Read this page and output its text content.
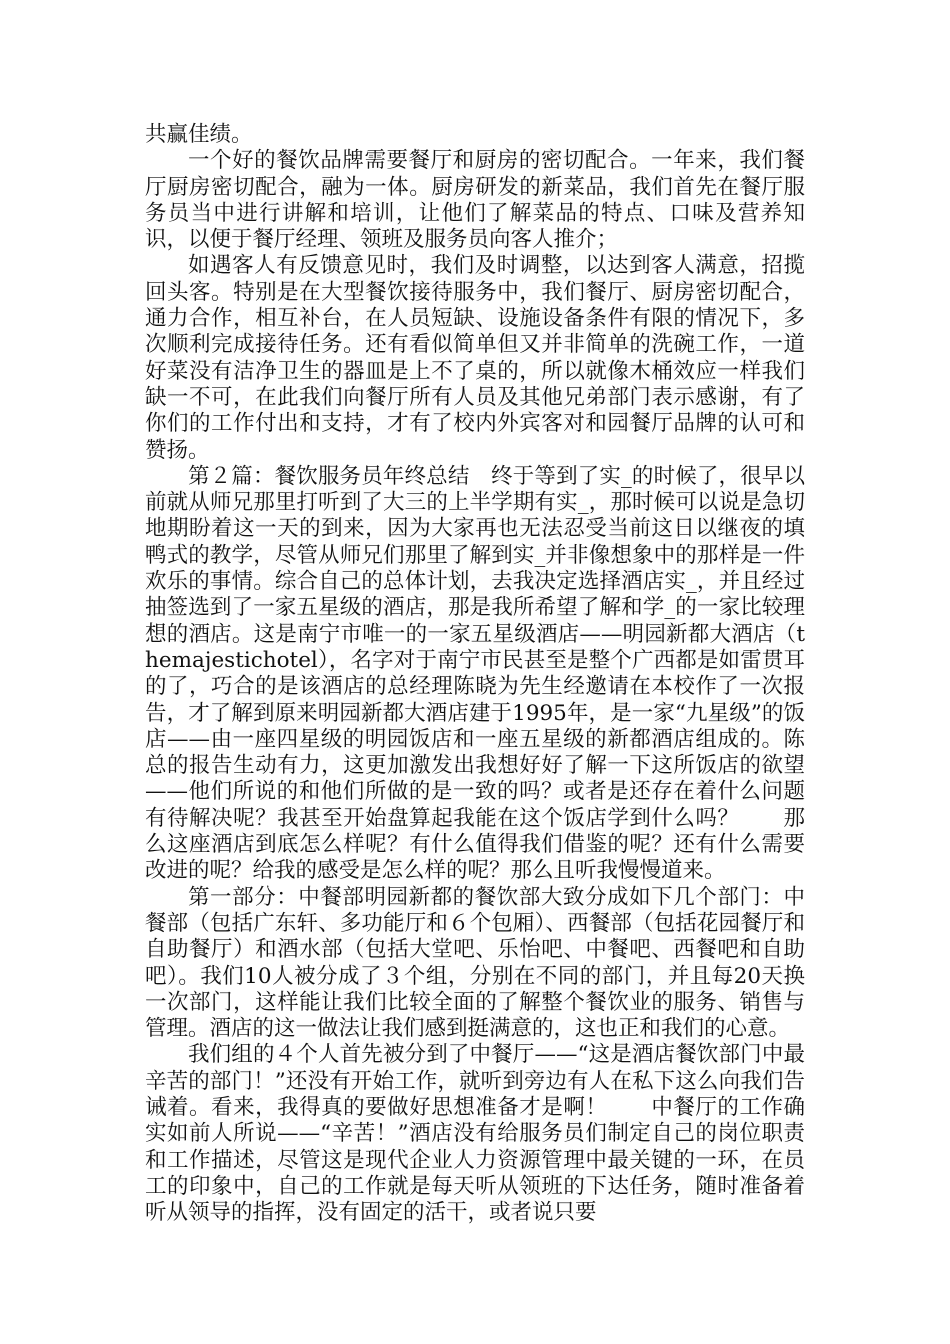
共赢佳绩。

一个好的餐饮品牌需要餐厅和厨房的密切配合。一年来，我们餐厅厨房密切配合，融为一体。厨房研发的新菜品，我们首先在餐厅服务员当中进行讲解和培训，让他们了解菜品的特点、口味及营养知识，以便于餐厅经理、领班及服务员向客人推介；

如遇客人有反馈意见时，我们及时调整，以达到客人满意，招揽回头客。特别是在大型餐饮接待服务中，我们餐厅、厨房密切配合，通力合作，相互补台，在人员短缺、设施设备条件有限的情况下，多次顺利完成接待任务。还有看似简单但又并非简单的洗碗工作，一道好菜没有洁净卫生的器皿是上不了桌的，所以就像木桶效应一样我们缺一不可，在此我们向餐厅所有人员及其他兄弟部门表示感谢，有了你们的工作付出和支持，才有了校内外宾客对和园餐厅品牌的认可和赞扬。

第２篇：餐饮服务员年终总结　终于等到了实_的时候了，很早以前就从师兄那里打听到了大三的上半学期有实_，那时候可以说是急切地期盼着这一天的到来，因为大家再也无法忍受当前这日以继夜的填鸭式的教学，尽管从师兄们那里了解到实_并非像想象中的那样是一件欢乐的事情。综合自己的总体计划，去我决定选择酒店实_，并且经过抽签选到了一家五星级的酒店，那是我所希望了解和学_的一家比较理想的酒店。这是南宁市唯一的一家五星级酒店——明园新都大酒店（themajestichotel），名字对于南宁市民甚至是整个广西都是如雷贯耳的了，巧合的是该酒店的总经理陈晓为先生经邀请在本校作了一次报告，才了解到原来明园新都大酒店建于1995年，是一家“九星级”的饭店——由一座四星级的明园饭店和一座五星级的新都酒店组成的。陈总的报告生动有力，这更加激发出我想好好了解一下这所饭店的欲望——他们所说的和他们所做的是一致的吗？或者是还存在着什么问题有待解决呢？我甚至开始盘算起我能在这个饭店学到什么吗？　　那么这座酒店到底怎么样呢？有什么值得我们借鉴的呢？还有什么需要改进的呢？给我的感受是怎么样的呢？那么且听我慢慢道来。

第一部分：中餐部明园新都的餐饮部大致分成如下几个部门：中餐部（包括广东轩、多功能厅和６个包厢）、西餐部（包括花园餐厅和自助餐厅）和酒水部（包括大堂吧、乐怡吧、中餐吧、西餐吧和自助吧）。我们10人被分成了３个组，分别在不同的部门，并且每20天换一次部门，这样能让我们比较全面的了解整个餐饮业的服务、销售与管理。酒店的这一做法让我们感到挺满意的，这也正和我们的心意。

我们组的４个人首先被分到了中餐厅——“这是酒店餐饮部门中最辛苦的部门！”还没有开始工作，就听到旁边有人在私下这么向我们告诫着。看来，我得真的要做好思想准备才是啊！　　中餐厅的工作确实如前人所说——“辛苦！”酒店没有给服务员们制定自己的岗位职责和工作描述，尽管这是现代企业人力资源管理中最关键的一环，在员工的印象中，自己的工作就是每天听从领班的下达任务，随时准备着听从领导的指挥，没有固定的活干，或者说只要
